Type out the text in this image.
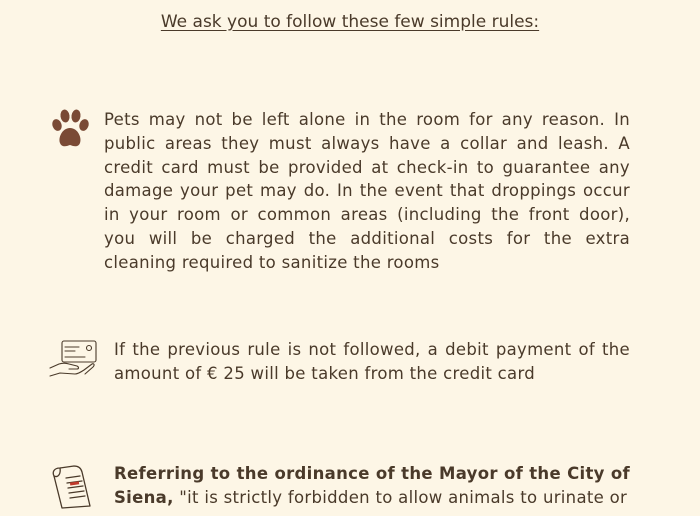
We ask you to follow these few simple rules:

Pets may not be left alone in the room for any reason. In public areas they must always have a collar and leash. A credit card must be provided at check-in to guarantee any damage your pet may do. In the event that droppings occur in your room or common areas (including the front door), you will be charged the additional costs for the extra cleaning required to sanitize the rooms

If the previous rule is not followed, a debit payment of the amount of € 25 will be taken from the credit card

Referring to the ordinance of the Mayor of the City of Siena, "it is strictly forbidden to allow animals to urinate or
